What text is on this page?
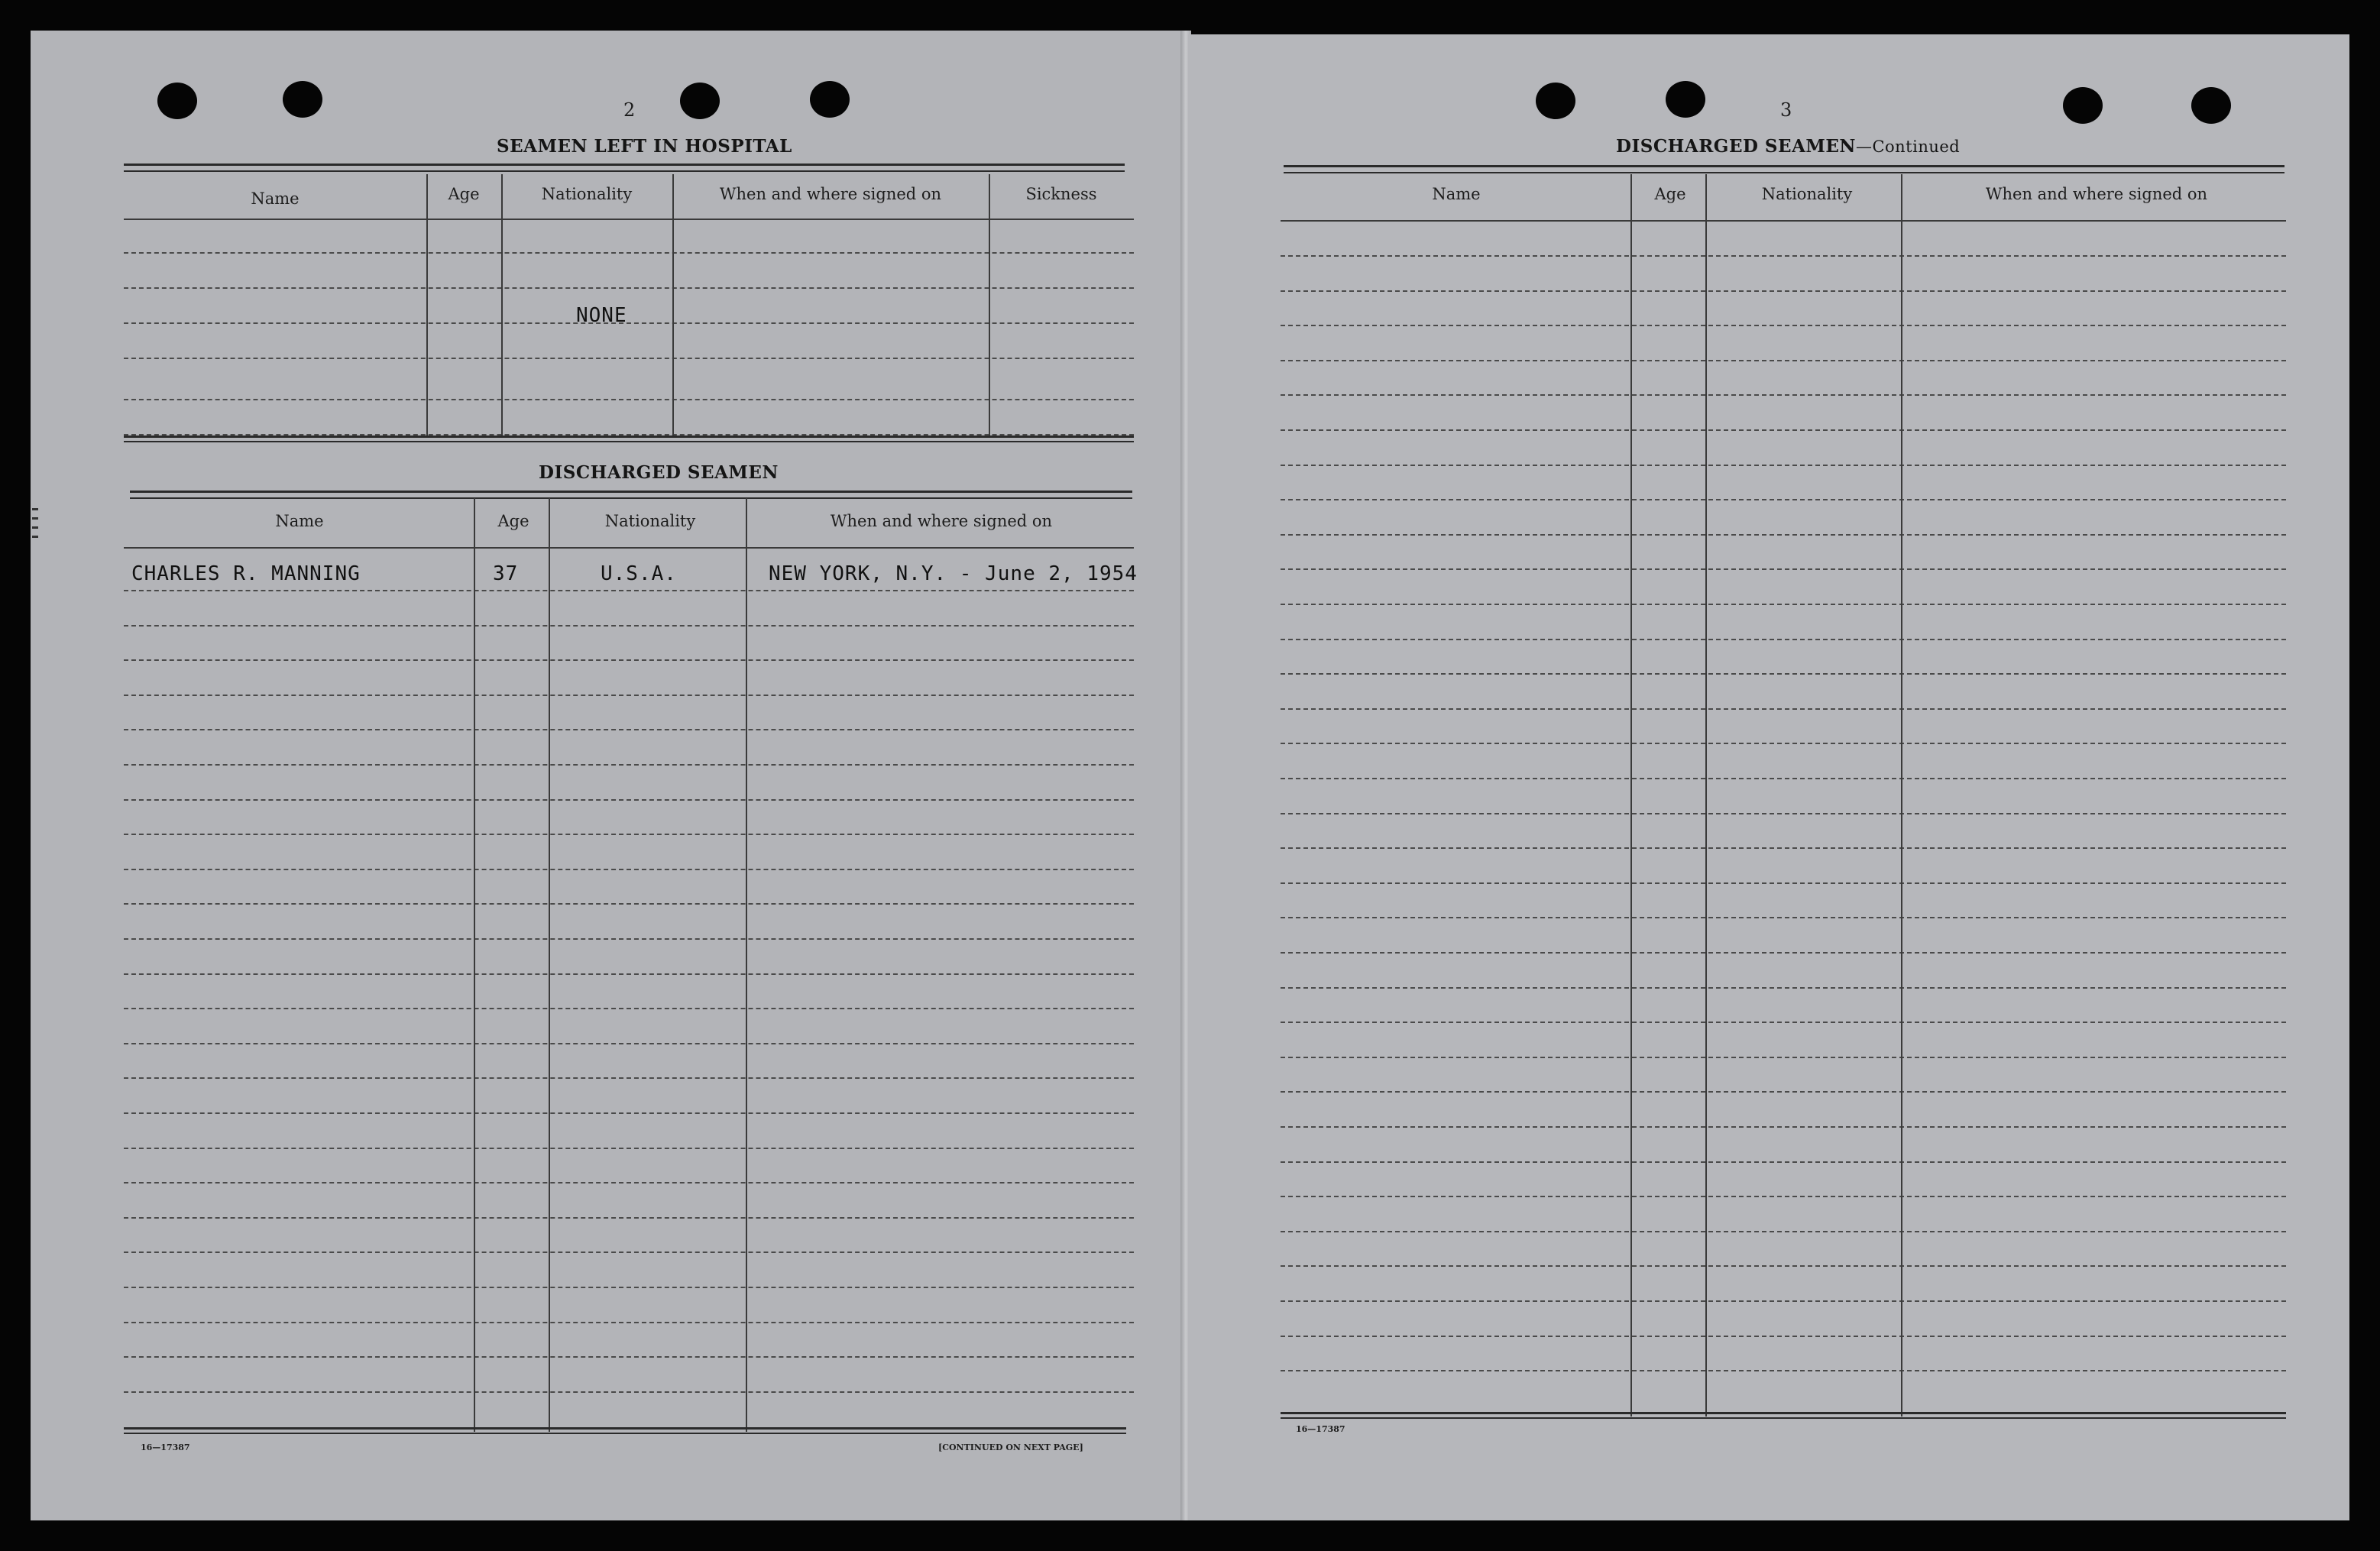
2
SEAMEN LEFT IN HOSPITAL
Name	Age	Nationality	When and where signed on	Sickness
NONE
DISCHARGED SEAMEN
Name	Age	Nationality	When and where signed on
CHARLES R. MANNING	37	U.S.A.	NEW YORK, N.Y. - June 2, 1954
16—17387	[CONTINUED ON NEXT PAGE]
3
DISCHARGED SEAMEN—Continued
Name	Age	Nationality	When and where signed on
16—17387
